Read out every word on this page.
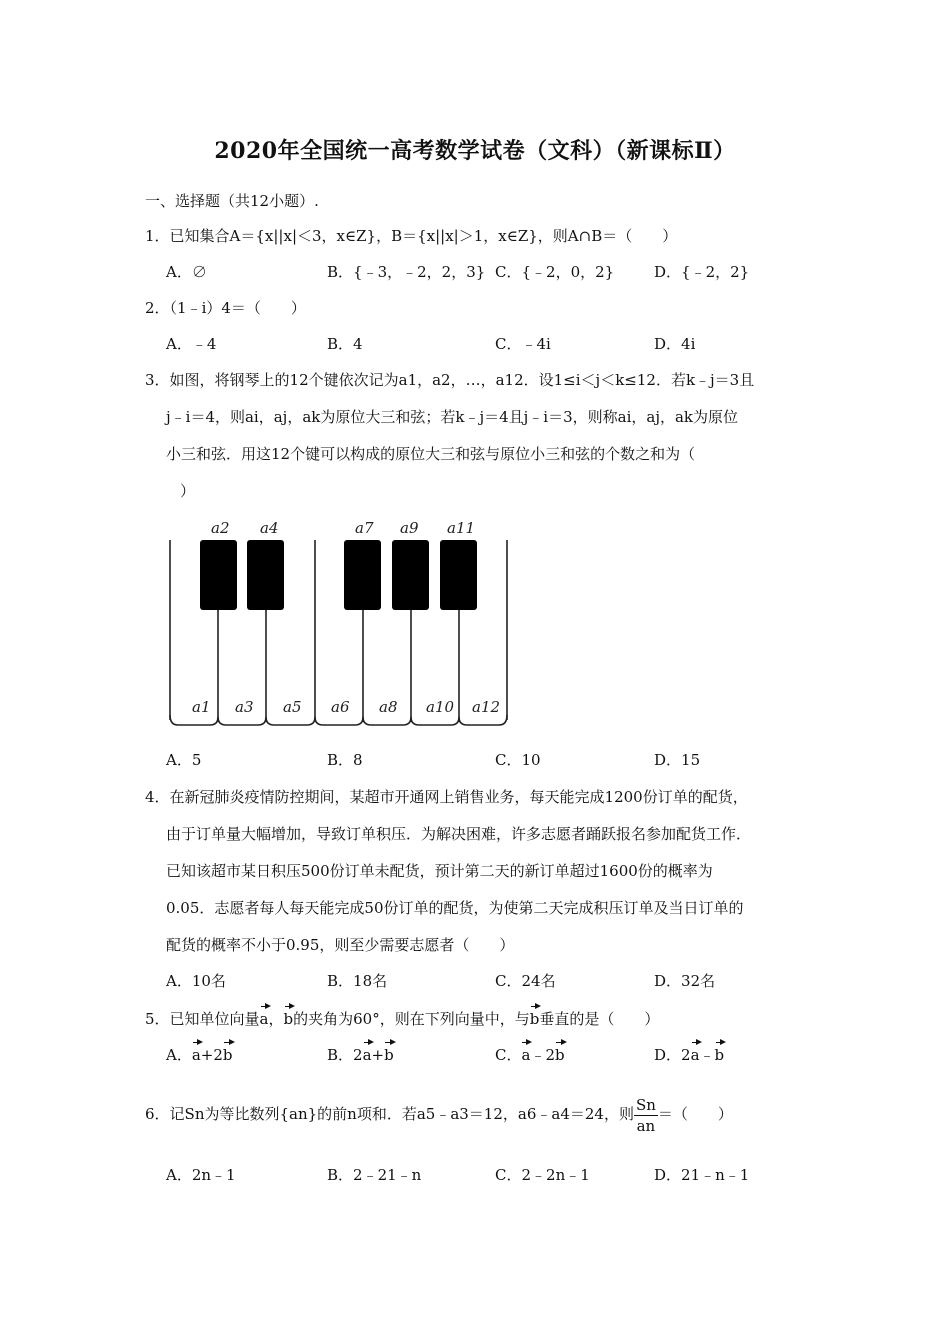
2020年全国统一高考数学试卷（文科）（新课标Ⅱ）
一、选择题（共12小题）.
1．已知集合A＝{x||x|＜3，x∈Z}，B＝{x||x|＞1，x∈Z}，则A∩B＝（　　）
A．∅	B．{﹣3，﹣2，2，3} C．{﹣2，0，2}	D．{﹣2，2}
2．（1﹣i）4＝（　　）
A．﹣4	B．4	C．﹣4i	D．4i
3．如图，将钢琴上的12个键依次记为a1，a2，…，a12．设1≤i＜j＜k≤12．若k﹣j＝3且
j﹣i＝4，则ai，aj，ak为原位大三和弦；若k﹣j＝4且j﹣i＝3，则称ai，aj，ak为原位
小三和弦．用这12个键可以构成的原位大三和弦与原位小三和弦的个数之和为（
）
a2 a4	a7 a9 a11
a1 a3 a5 a6 a8 a10 a12
A．5	B．8	C．10	D．15
4．在新冠肺炎疫情防控期间，某超市开通网上销售业务，每天能完成1200份订单的配货，
由于订单量大幅增加，导致订单积压．为解决困难，许多志愿者踊跃报名参加配货工作．
已知该超市某日积压500份订单未配货，预计第二天的新订单超过1600份的概率为
0.05．志愿者每人每天能完成50份订单的配货，为使第二天完成积压订单及当日订单的
配货的概率不小于0.95，则至少需要志愿者（　　）
A．10名	B．18名	C．24名	D．32名
5．已知单位向量a，b的夹角为60°，则在下列向量中，与b垂直的是（　　）
A．a+2b	B．2a+b	C．a﹣2b	D．2a﹣b
6．记Sn为等比数列{an}的前n项和．若a5﹣a3＝12，a6﹣a4＝24，则 $\frac{Sn}{an}$ ＝（　　）
A．2n﹣1	B．2﹣21﹣n	C．2﹣2n﹣1	D．21﹣n﹣1
